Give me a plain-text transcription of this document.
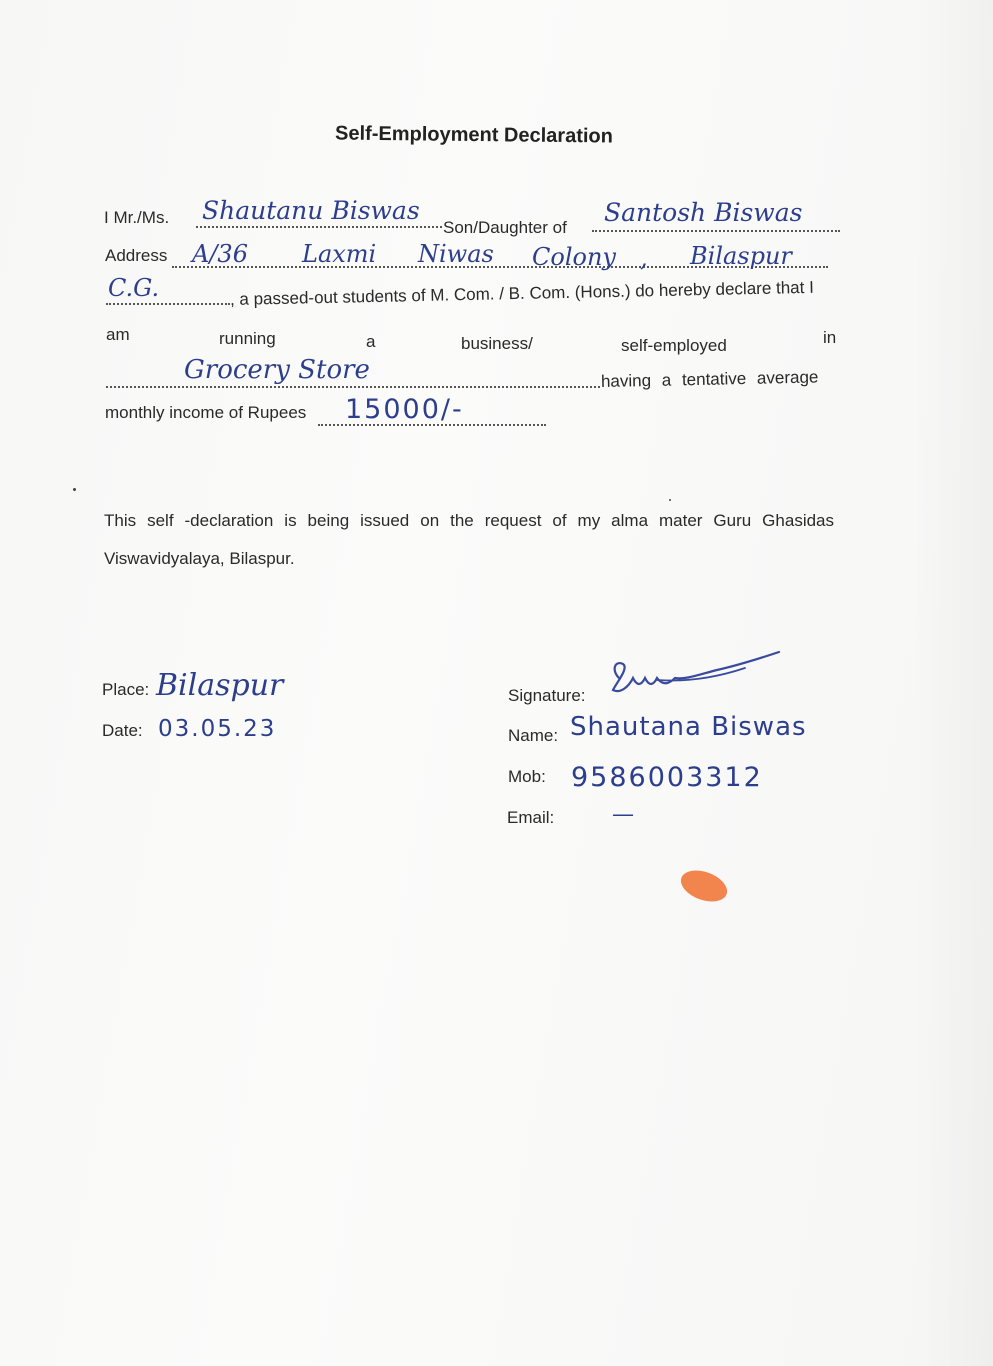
Self-Employment Declaration
I Mr./Ms. Shautanu Biswas
Son/Daughter of
Santosh Biswas
Address A/36 Laxmi Niwas Colony , Bilaspur
C.G.	, a passed-out students of M. Com. / B. Com. (Hons.) do hereby declare that I
am	running	a	business/	self-employed	in
Grocery Store	having a tentative average
monthly income of Rupees 15000/-
This self -declaration is being issued on the request of my alma mater Guru Ghasidas Viswavidyalaya, Bilaspur.
Place: Bilaspur
Date: 03.05.23
Signature:
Name: Shautana Biswas
Mob: 9586003312
Email:	—
